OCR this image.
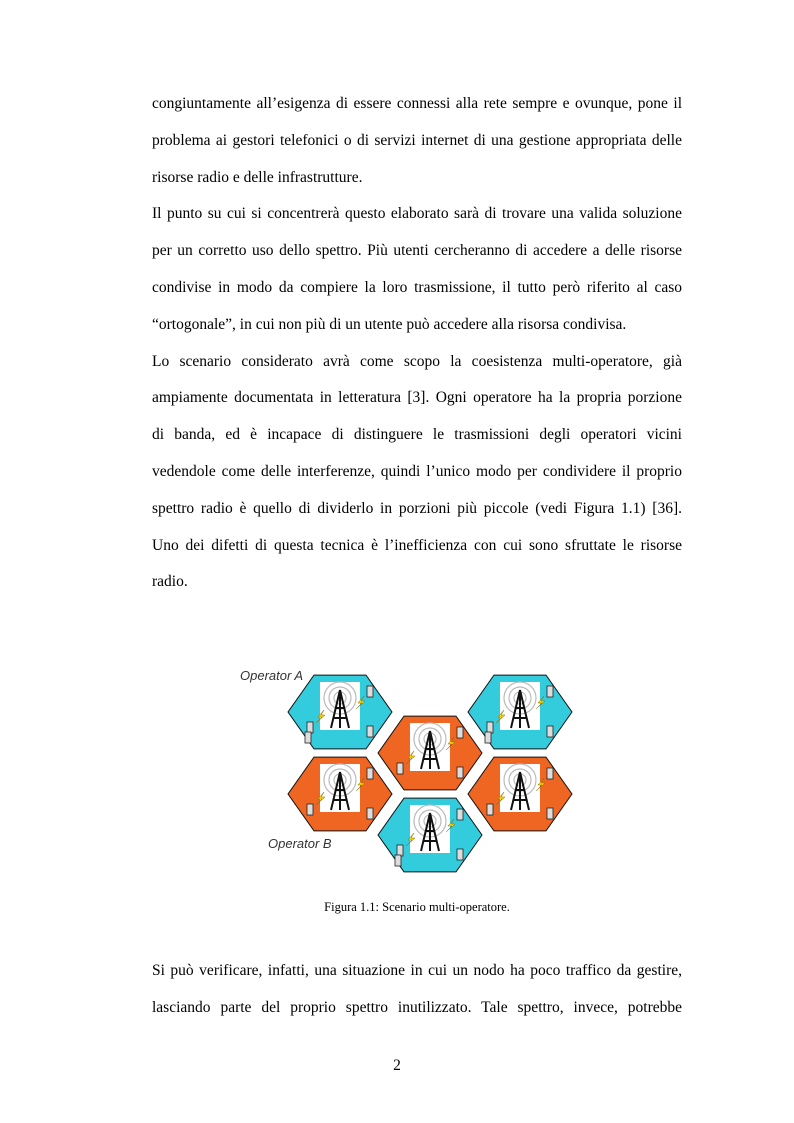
congiuntamente all’esigenza di essere connessi alla rete sempre e ovunque, pone il
problema ai gestori telefonici o di servizi internet di una gestione appropriata delle
risorse radio e delle infrastrutture.
Il punto su cui si concentrerà questo elaborato sarà di trovare una valida soluzione
per un corretto uso dello spettro. Più utenti cercheranno di accedere a delle risorse
condivise in modo da compiere la loro trasmissione, il tutto però riferito al caso
“ortogonale”, in cui non più di un utente può accedere alla risorsa condivisa.
Lo scenario considerato avrà come scopo la coesistenza multi-operatore, già
ampiamente documentata in letteratura [3]. Ogni operatore ha la propria porzione
di banda, ed è incapace di distinguere le trasmissioni degli operatori vicini
vedendole come delle interferenze, quindi l’unico modo per condividere il proprio
spettro radio è quello di dividerlo in porzioni più piccole (vedi Figura 1.1) [36].
Uno dei difetti di questa tecnica è l’inefficienza con cui sono sfruttate le risorse
radio.
Operator A
Operator B
Figura 1.1: Scenario multi-operatore.
Si può verificare, infatti, una situazione in cui un nodo ha poco traffico da gestire,
lasciando parte del proprio spettro inutilizzato. Tale spettro, invece, potrebbe
2
